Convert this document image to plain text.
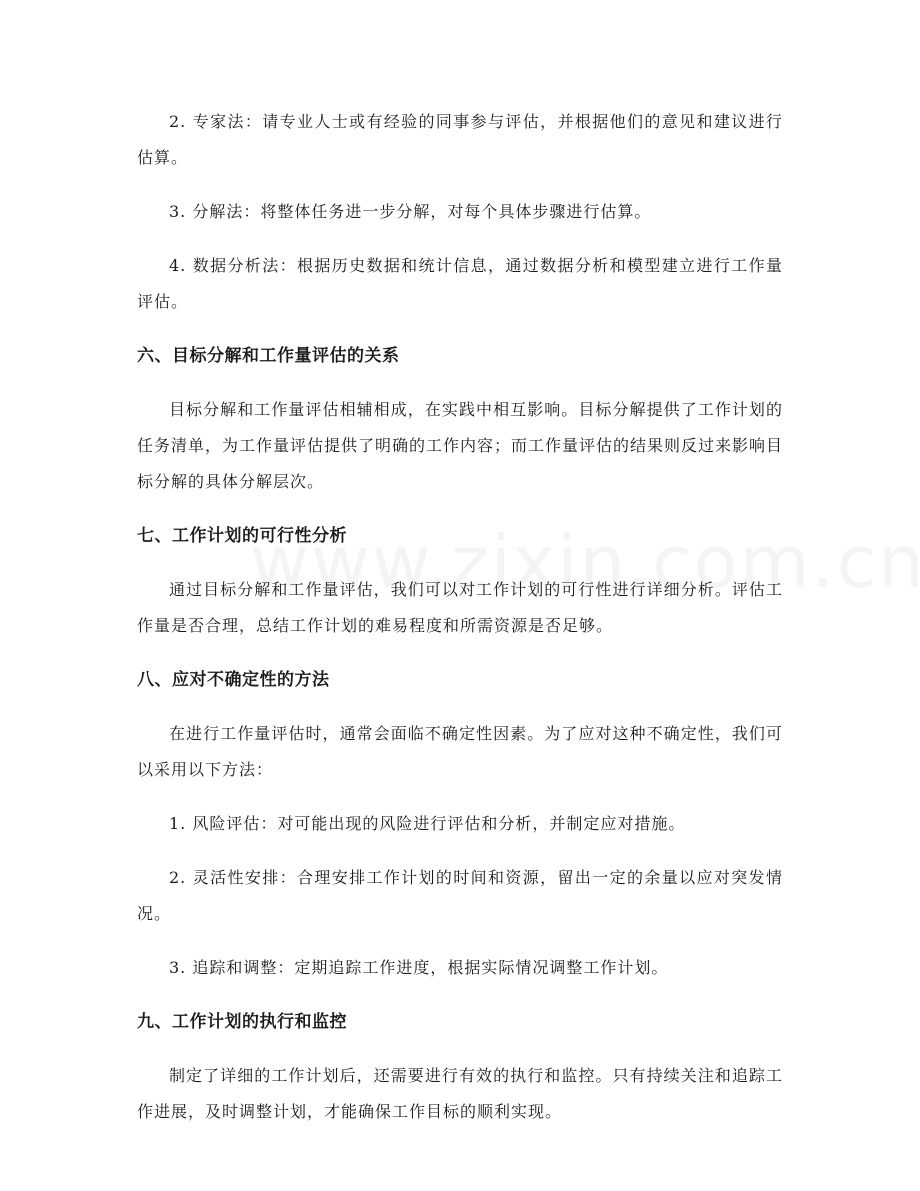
2. 专家法：请专业人士或有经验的同事参与评估，并根据他们的意见和建议进行估算。

3. 分解法：将整体任务进一步分解，对每个具体步骤进行估算。

4. 数据分析法：根据历史数据和统计信息，通过数据分析和模型建立进行工作量评估。

六、目标分解和工作量评估的关系

目标分解和工作量评估相辅相成，在实践中相互影响。目标分解提供了工作计划的任务清单，为工作量评估提供了明确的工作内容；而工作量评估的结果则反过来影响目标分解的具体分解层次。

七、工作计划的可行性分析

通过目标分解和工作量评估，我们可以对工作计划的可行性进行详细分析。评估工作量是否合理，总结工作计划的难易程度和所需资源是否足够。

八、应对不确定性的方法

在进行工作量评估时，通常会面临不确定性因素。为了应对这种不确定性，我们可以采用以下方法：

1. 风险评估：对可能出现的风险进行评估和分析，并制定应对措施。

2. 灵活性安排：合理安排工作计划的时间和资源，留出一定的余量以应对突发情况。

3. 追踪和调整：定期追踪工作进度，根据实际情况调整工作计划。

九、工作计划的执行和监控

制定了详细的工作计划后，还需要进行有效的执行和监控。只有持续关注和追踪工作进展，及时调整计划，才能确保工作目标的顺利实现。
